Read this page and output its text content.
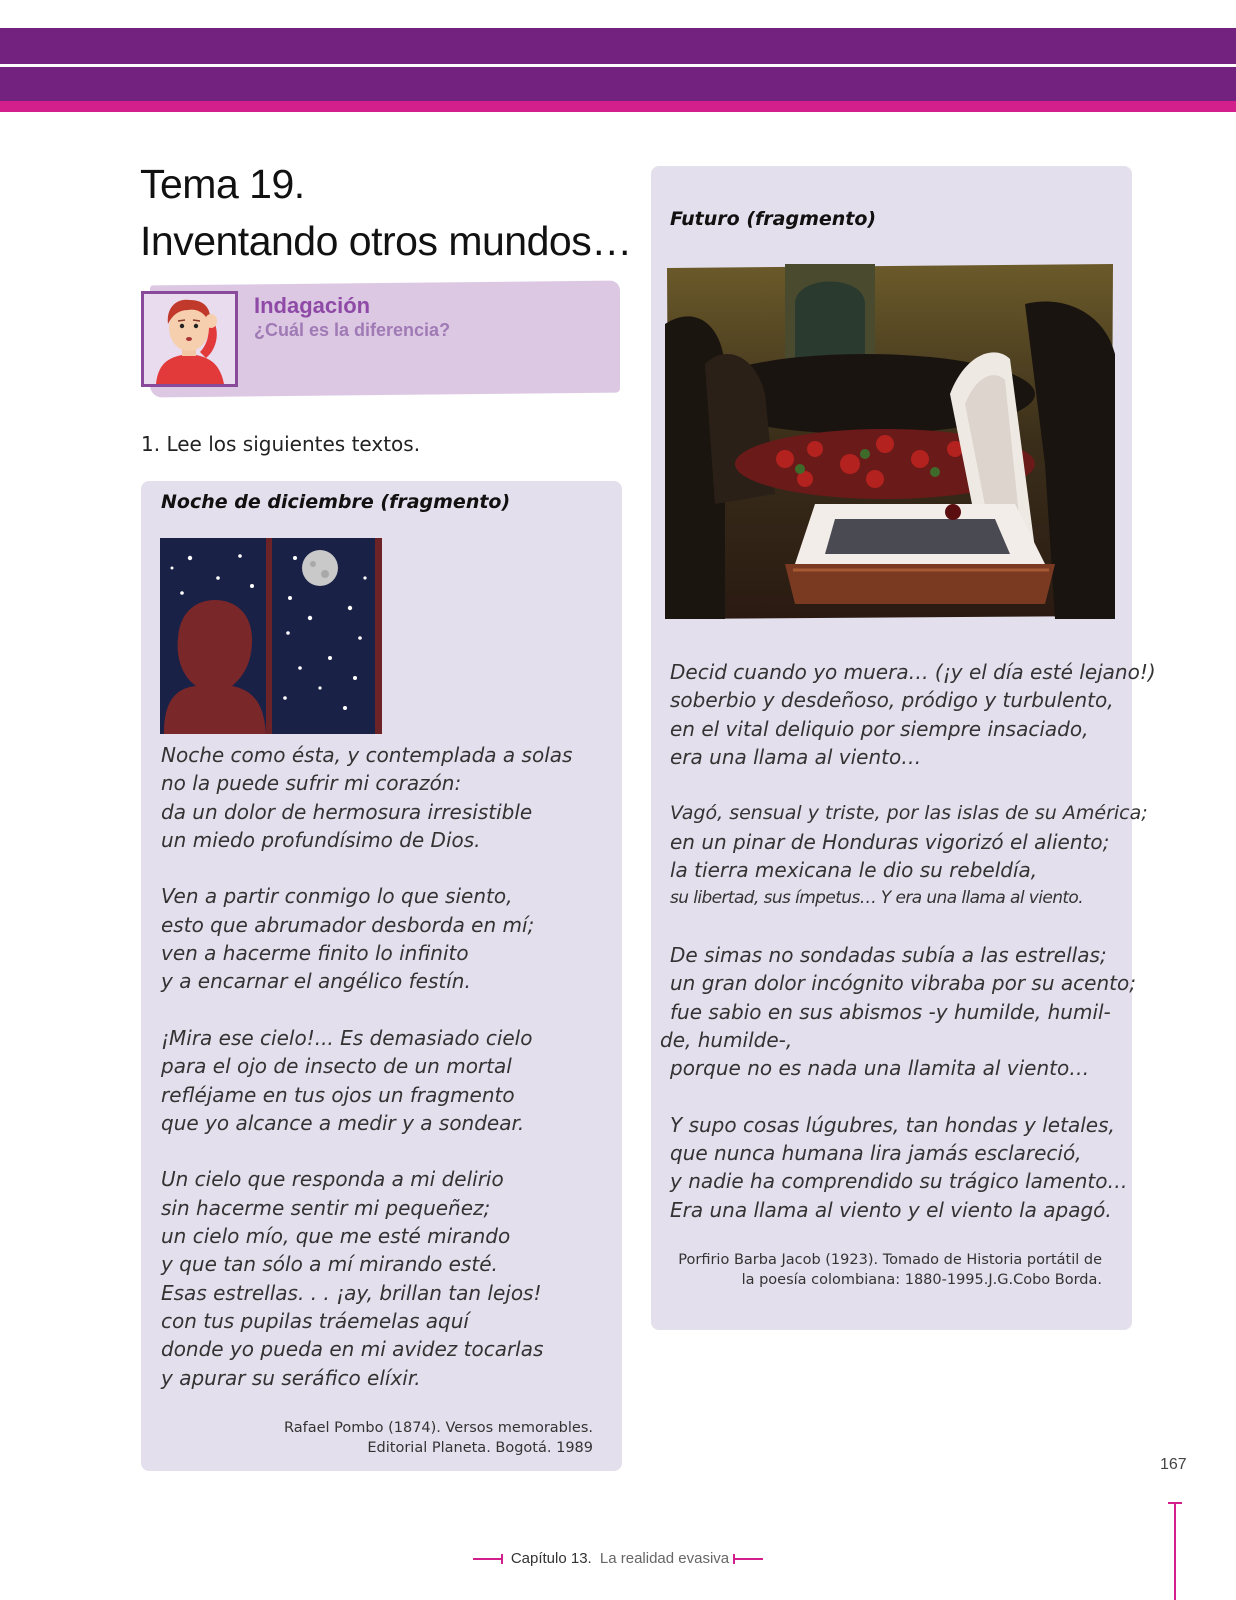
Tema 19.
Inventando otros mundos…
Indagación
¿Cuál es la diferencia?
1. Lee los siguientes textos.
Noche de diciembre (fragmento)
Noche como ésta, y contemplada a solas
no la puede sufrir mi corazón:
da un dolor de hermosura irresistible
un miedo profundísimo de Dios.
Ven a partir conmigo lo que siento,
esto que abrumador desborda en mí;
ven a hacerme finito lo infinito
y a encarnar el angélico festín.
¡Mira ese cielo!... Es demasiado cielo
para el ojo de insecto de un mortal
refléjame en tus ojos un fragmento
que yo alcance a medir y a sondear.
Un cielo que responda a mi delirio
sin hacerme sentir mi pequeñez;
un cielo mío, que me esté mirando
y que tan sólo a mí mirando esté.
Esas estrellas. . . ¡ay, brillan tan lejos!
con tus pupilas tráemelas aquí
donde yo pueda en mi avidez tocarlas
y apurar su seráfico elíxir.
Rafael Pombo (1874). Versos memorables.
Editorial Planeta. Bogotá. 1989
Futuro (fragmento)
Decid cuando yo muera… (¡y el día esté lejano!)
soberbio y desdeñoso, pródigo y turbulento,
en el vital deliquio por siempre insaciado,
era una llama al viento…
Vagó, sensual y triste, por las islas de su América;
en un pinar de Honduras vigorizó el aliento;
la tierra mexicana le dio su rebeldía,
su libertad, sus ímpetus… Y era una llama al viento.
De simas no sondadas subía a las estrellas;
un gran dolor incógnito vibraba por su acento;
fue sabio en sus abismos -y humilde, humil-
de, humilde-,
porque no es nada una llamita al viento…
Y supo cosas lúgubres, tan hondas y letales,
que nunca humana lira jamás esclareció,
y nadie ha comprendido su trágico lamento…
Era una llama al viento y el viento la apagó.
Porfirio Barba Jacob (1923). Tomado de Historia portátil de
la poesía colombiana: 1880-1995.J.G.Cobo Borda.
167
Capítulo 13. La realidad evasiva
